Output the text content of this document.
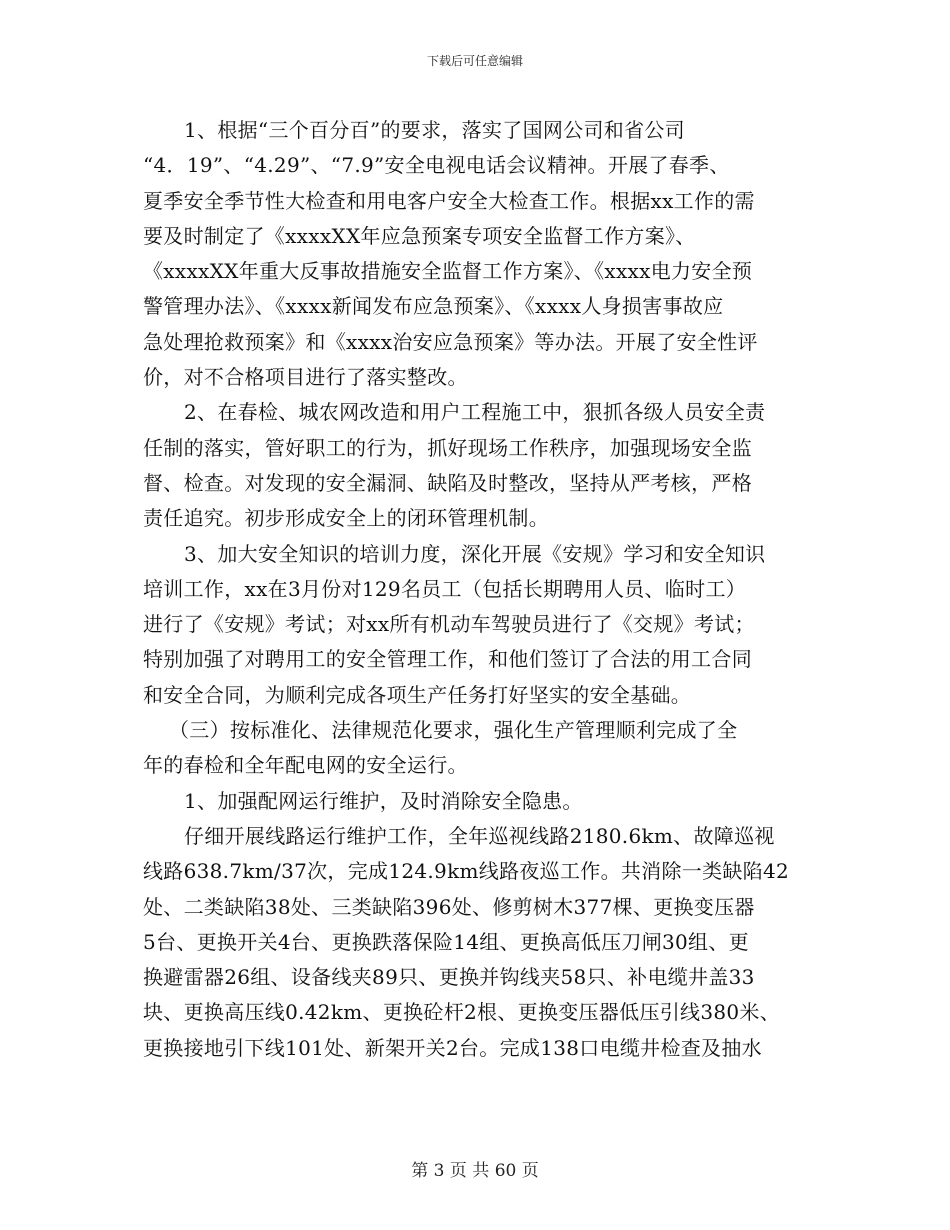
下载后可任意编辑

1、根据“三个百分百”的要求，落实了国网公司和省公司

“4．19”、“4.29”、“7.9”安全电视电话会议精神。开展了春季、

夏季安全季节性大检查和用电客户安全大检查工作。根据xx工作的需

要及时制定了《xxxxXX年应急预案专项安全监督工作方案》、

《xxxxXX年重大反事故措施安全监督工作方案》、《xxxx电力安全预

警管理办法》、《xxxx新闻发布应急预案》、《xxxx人身损害事故应

急处理抢救预案》和《xxxx治安应急预案》等办法。开展了安全性评

价，对不合格项目进行了落实整改。

2、在春检、城农网改造和用户工程施工中，狠抓各级人员安全责

任制的落实，管好职工的行为，抓好现场工作秩序，加强现场安全监

督、检查。对发现的安全漏洞、缺陷及时整改，坚持从严考核，严格

责任追究。初步形成安全上的闭环管理机制。

3、加大安全知识的培训力度，深化开展《安规》学习和安全知识

培训工作，xx在3月份对129名员工（包括长期聘用人员、临时工）

进行了《安规》考试；对xx所有机动车驾驶员进行了《交规》考试；

特别加强了对聘用工的安全管理工作，和他们签订了合法的用工合同

和安全合同，为顺利完成各项生产任务打好坚实的安全基础。

（三）按标准化、法律规范化要求，强化生产管理顺利完成了全

年的春检和全年配电网的安全运行。

1、加强配网运行维护，及时消除安全隐患。

仔细开展线路运行维护工作，全年巡视线路2180.6km、故障巡视

线路638.7km/37次，完成124.9km线路夜巡工作。共消除一类缺陷42

处、二类缺陷38处、三类缺陷396处、修剪树木377棵、更换变压器

5台、更换开关4台、更换跌落保险14组、更换高低压刀闸30组、更

换避雷器26组、设备线夹89只、更换并钩线夹58只、补电缆井盖33

块、更换高压线0.42km、更换砼杆2根、更换变压器低压引线380米、

更换接地引下线101处、新架开关2台。完成138口电缆井检查及抽水

第 3 页 共 60 页
